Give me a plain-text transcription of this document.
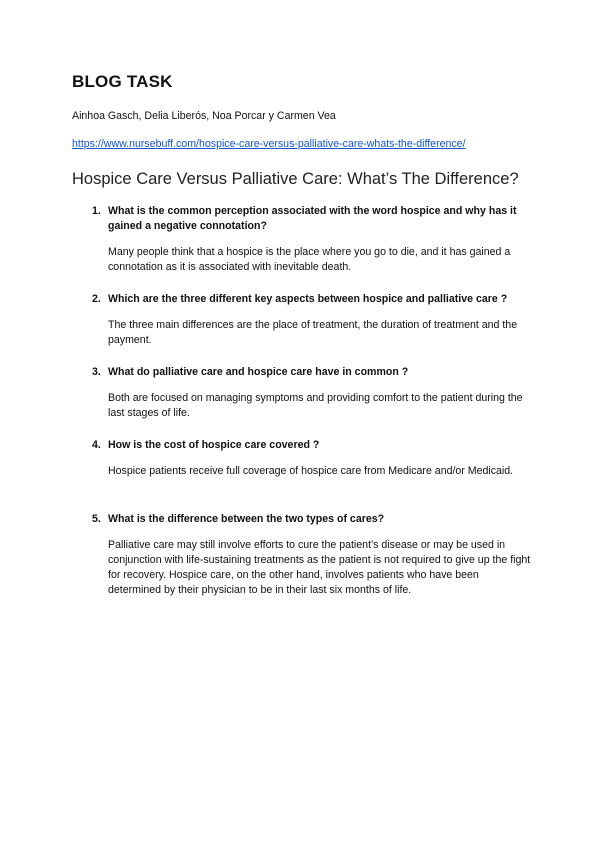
BLOG TASK
Ainhoa Gasch, Delia Liberós, Noa Porcar y Carmen Vea
https://www.nursebuff.com/hospice-care-versus-palliative-care-whats-the-difference/
Hospice Care Versus Palliative Care: What’s The Difference?
1. What is the common perception associated with the word hospice and why has it gained a negative connotation?
Many people think that a hospice is the place where you go to die, and it has gained a connotation as it is associated with inevitable death.
2. Which are the three different key aspects between hospice and palliative care ?
The three main differences are the place of treatment, the duration of treatment and the payment.
3. What do palliative care and hospice care have in common ?
Both are focused on managing symptoms and providing comfort to the patient during the last stages of life.
4. How is the cost of hospice care covered ?
Hospice patients receive full coverage of hospice care from Medicare and/or Medicaid.
5. What is the difference between the two types of cares?
Palliative care may still involve efforts to cure the patient’s disease or may be used in conjunction with life-sustaining treatments as the patient is not required to give up the fight for recovery. Hospice care, on the other hand, involves patients who have been determined by their physician to be in their last six months of life.
